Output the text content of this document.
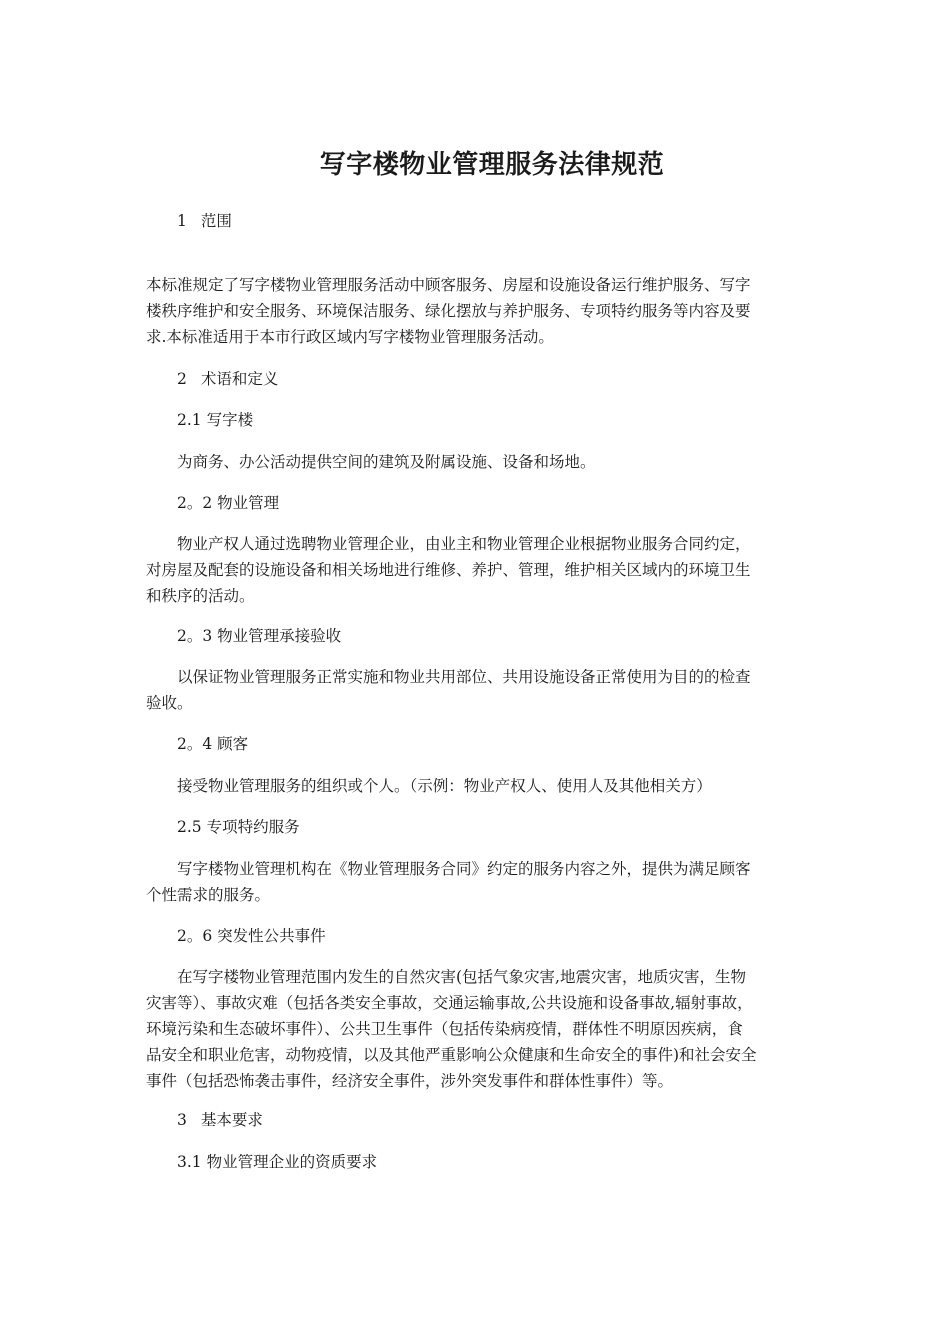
写字楼物业管理服务法律规范
1 范围
本标准规定了写字楼物业管理服务活动中顾客服务、房屋和设施设备运行维护服务、写字
楼秩序维护和安全服务、环境保洁服务、绿化摆放与养护服务、专项特约服务等内容及要
求.本标准适用于本市行政区域内写字楼物业管理服务活动。
2 术语和定义
2.1 写字楼
为商务、办公活动提供空间的建筑及附属设施、设备和场地。
2。2 物业管理
物业产权人通过选聘物业管理企业，由业主和物业管理企业根据物业服务合同约定，
对房屋及配套的设施设备和相关场地进行维修、养护、管理，维护相关区域内的环境卫生
和秩序的活动。
2。3 物业管理承接验收
以保证物业管理服务正常实施和物业共用部位、共用设施设备正常使用为目的的检查
验收。
2。4 顾客
接受物业管理服务的组织或个人。（示例：物业产权人、使用人及其他相关方）
2.5 专项特约服务
写字楼物业管理机构在《物业管理服务合同》约定的服务内容之外，提供为满足顾客
个性需求的服务。
2。6 突发性公共事件
在写字楼物业管理范围内发生的自然灾害(包括气象灾害,地震灾害，地质灾害，生物
灾害等）、事故灾难（包括各类安全事故，交通运输事故,公共设施和设备事故,辐射事故，
环境污染和生态破坏事件）、公共卫生事件（包括传染病疫情，群体性不明原因疾病，食
品安全和职业危害，动物疫情，以及其他严重影响公众健康和生命安全的事件)和社会安全
事件（包括恐怖袭击事件，经济安全事件，涉外突发事件和群体性事件）等。
3 基本要求
3.1 物业管理企业的资质要求
